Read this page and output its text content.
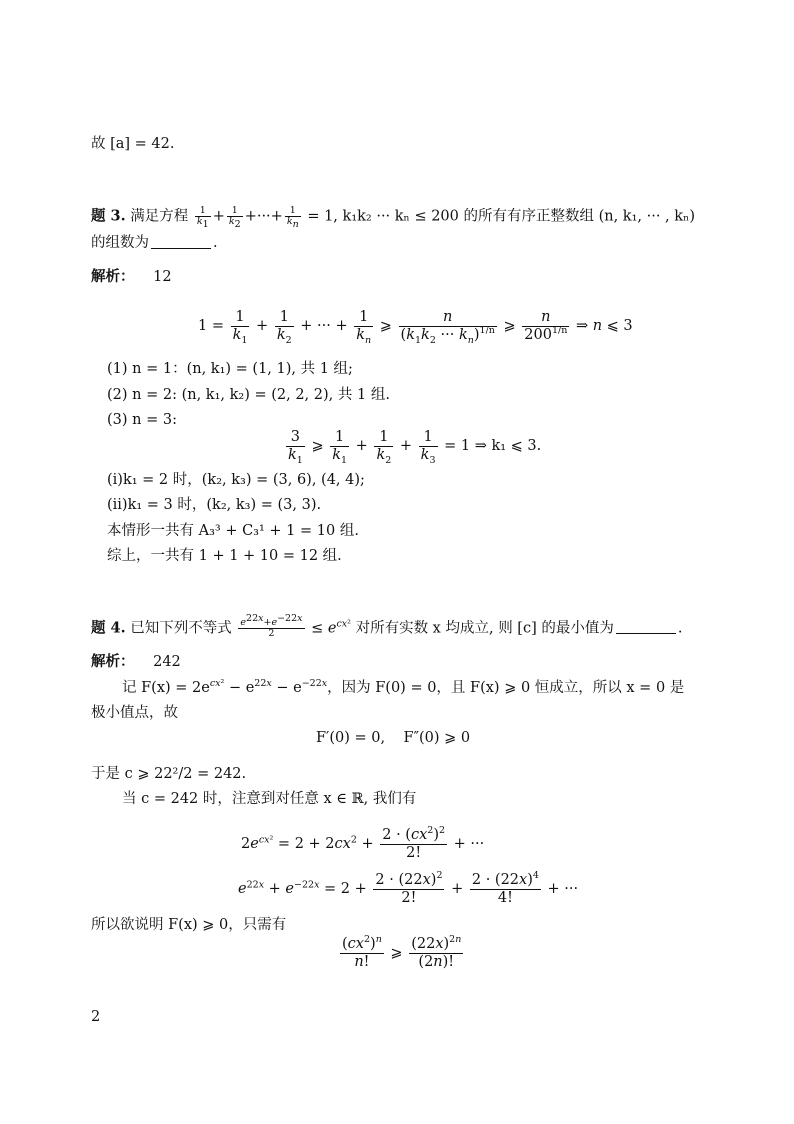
故 [a] = 42.
题 3. 满足方程 $\frac{1}{k_1} + \frac{1}{k_2}$ +···+ $\frac{1}{k_n} = 1$, k₁k₂ ··· kₙ ≤ 200 的所有有序正整数组 (n, k₁, ··· , kₙ)
的组数为	.
解析： 12
$1 = \frac{1}{k_1} + \frac{1}{k_2}$ + ··· + $\frac{1}{k_n}$ ⩾ $\frac{n}{(k_1k_2 \cdot\cdot\cdot k_n)^{1/n}}$ ⩾ $\frac{n}{200^{1/n}}$ ⇒ n ⩽ 3
(1) n = 1：(n, k₁) = (1, 1), 共 1 组;
(2) n = 2: (n, k₁, k₂) = (2, 2, 2), 共 1 组.
(3) n = 3:
$\frac{3}{k_1}$ ⩾ $\frac{1}{k_1} + \frac{1}{k_2} + \frac{1}{k_3} = 1$ ⇒ k₁ ⩽ 3.
(i)k₁ = 2 时，(k₂, k₃) = (3, 6), (4, 4);
(ii)k₁ = 3 时，(k₂, k₃) = (3, 3).
本情形一共有 A₃³ + C₃¹ + 1 = 10 组.
综上，一共有 1 + 1 + 10 = 12 组.
题 4. 已知下列不等式 $\frac{e^{22x}+e^{-22x}}{2} \le e^{cx^2}$ 对所有实数 x 均成立, 则 [c] 的最小值为	.
解析： 242
记 $F(x) = 2e^{cx^2} - e^{22x} - e^{-22x}$，因为 F(0) = 0，且 F(x) ⩾ 0 恒成立，所以 x = 0 是
极小值点，故
F′(0) = 0,    F″(0) ⩾ 0
于是 c ⩾ 22²/2 = 242.
当 c = 242 时，注意到对任意 x ∈ ℝ, 我们有
$2e^{cx^2} = 2 + 2cx^2 + \frac{2 \cdot (cx^2)^2}{2!}$ + ···
$e^{22x} + e^{-22x} = 2 + \frac{2 \cdot (22x)^2}{2!} + \frac{2 \cdot (22x)^4}{4!}$ + ···
所以欲说明 F(x) ⩾ 0，只需有
$\frac{(cx^2)^n}{n!}$ ⩾ $\frac{(22x)^{2n}}{(2n)!}$
2
